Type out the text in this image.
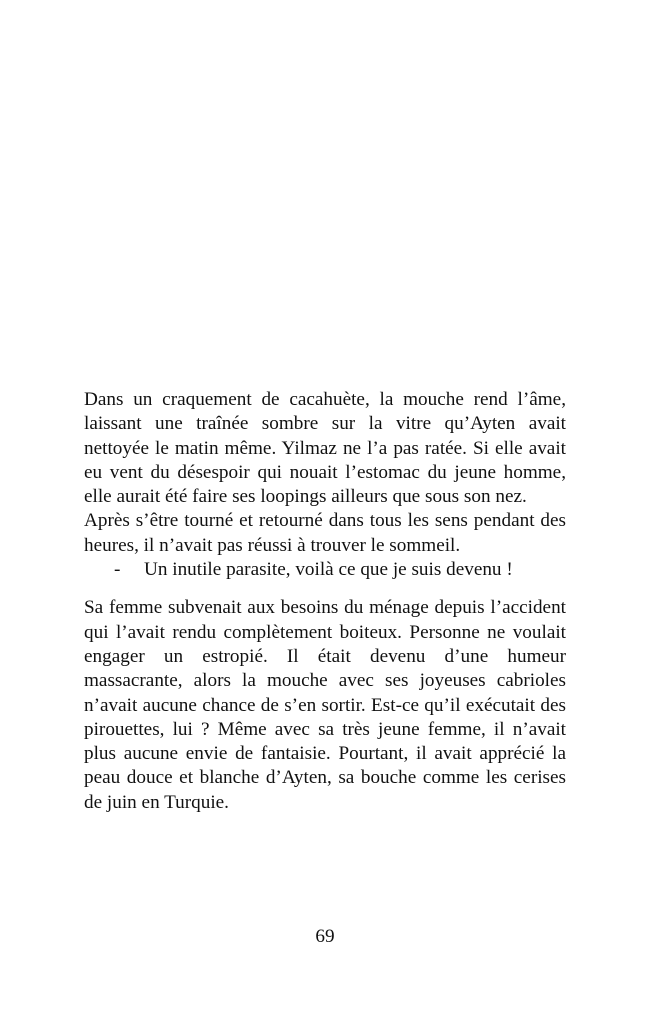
Dans un craquement de cacahuète, la mouche rend l’âme, laissant une traînée sombre sur la vitre qu’Ayten avait nettoyée le matin même. Yilmaz ne l’a pas ratée. Si elle avait eu vent du désespoir qui nouait l’estomac du jeune homme, elle aurait été faire ses loopings ailleurs que sous son nez.

Après s’être tourné et retourné dans tous les sens pendant des heures, il n’avait pas réussi à trouver le sommeil.

-	Un inutile parasite, voilà ce que je suis devenu !

Sa femme subvenait aux besoins du ménage depuis l’accident qui l’avait rendu complètement boiteux. Personne ne voulait engager un estropié. Il était devenu d’une humeur massacrante, alors la mouche avec ses joyeuses cabrioles n’avait aucune chance de s’en sortir. Est-ce qu’il exécutait des pirouettes, lui ? Même avec sa très jeune femme, il n’avait plus aucune envie de fantaisie. Pourtant, il avait apprécié la peau douce et blanche d’Ayten, sa bouche comme les cerises de juin en Turquie.

69
